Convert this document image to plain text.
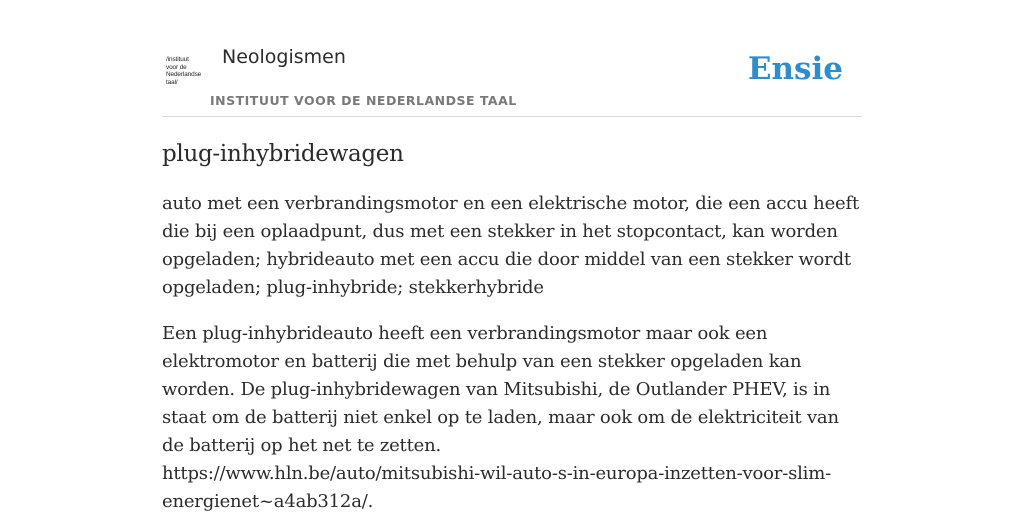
/instituut
voor de
Nederlandse
taal/
Neologismen
INSTITUUT VOOR DE NEDERLANDSE TAAL
Ensie
plug-inhybridewagen

auto met een verbrandingsmotor en een elektrische motor, die een accu heeft die bij een oplaadpunt, dus met een stekker in het stopcontact, kan worden opgeladen; hybrideauto met een accu die door middel van een stekker wordt opgeladen; plug-inhybride; stekkerhybride

Een plug-inhybrideauto heeft een verbrandingsmotor maar ook een elektromotor en batterij die met behulp van een stekker opgeladen kan worden. De plug-inhybridewagen van Mitsubishi, de Outlander PHEV, is in staat om de batterij niet enkel op te laden, maar ook om de elektriciteit van de batterij op het net te zetten.
https://www.hln.be/auto/mitsubishi-wil-auto-s-in-europa-inzetten-voor-slim-energienet~a4ab312a/.
